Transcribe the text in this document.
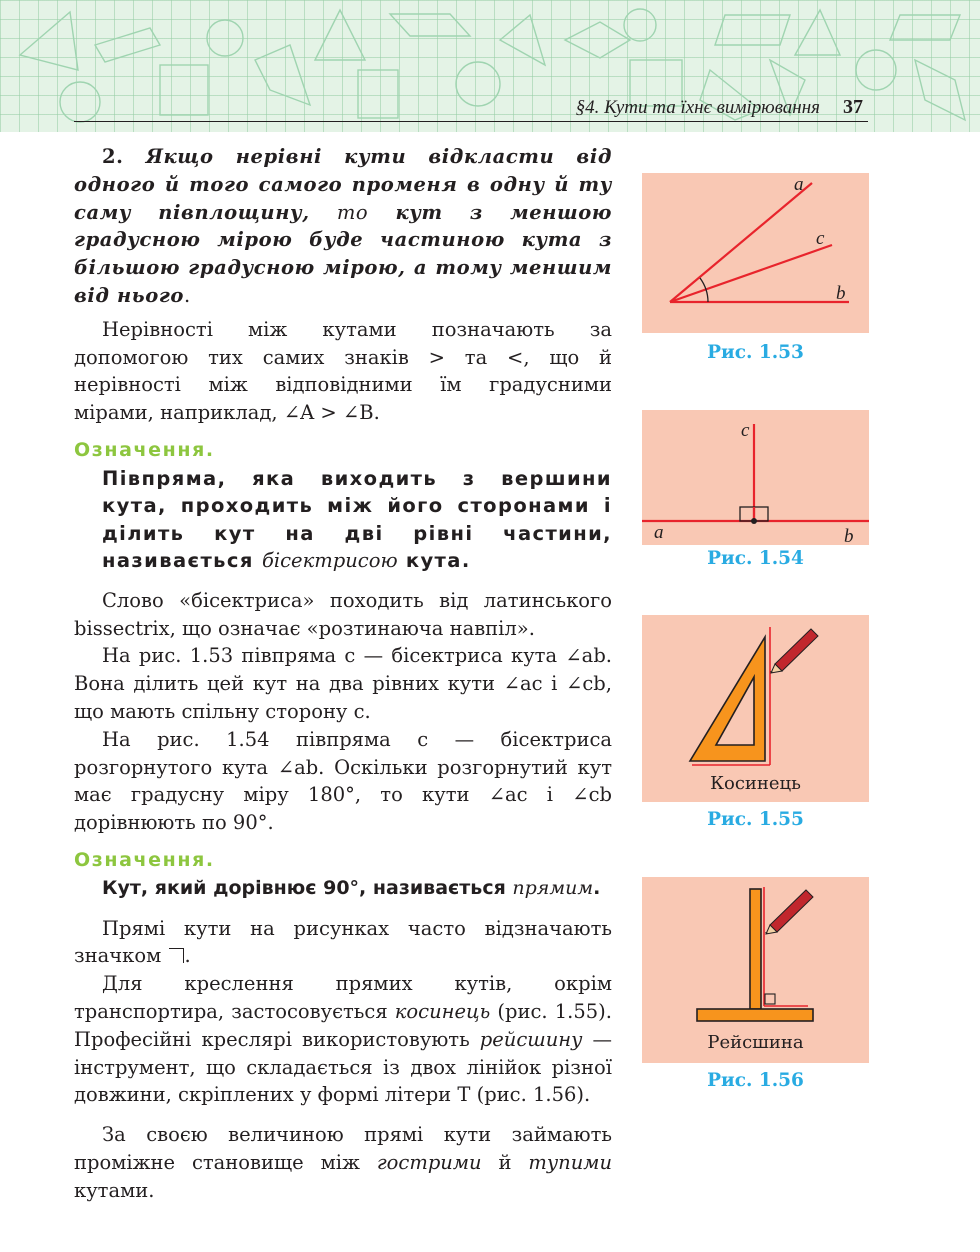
§4. Кути та їхнє вимірювання 37

2. Якщо нерівні кути відкласти від одного й того самого променя в одну й ту саму півплощину, то кут з меншою градусною мірою буде частиною кута з більшою градусною мірою, а тому меншим від нього.

Нерівності між кутами позначають за допомогою тих самих знаків > та <, що й нерівності між відповідними їм градусними мірами, наприклад, ∠A > ∠B.

Означення.

Півпряма, яка виходить з вершини кута, проходить між його сторонами і ділить кут на дві рівні частини, називається бісектрисою кута.

Слово «бісектриса» походить від латинського bissectrix, що означає «розтинаюча навпіл».

На рис. 1.53 півпряма c — бісектриса кута ∠ab. Вона ділить цей кут на два рівних кути ∠ac і ∠cb, що мають спільну сторону c.

На рис. 1.54 півпряма c — бісектриса розгорнутого кута ∠ab. Оскільки розгорнутий кут має градусну міру 180°, то кути ∠ac і ∠cb дорівнюють по 90°.

Означення.

Кут, який дорівнює 90°, називається прямим.

Прямі кути на рисунках часто відзначають значком .

Для креслення прямих кутів, окрім транспортира, застосовується косинець (рис. 1.55). Професійні креслярі використовують рейсшину — інструмент, що складається із двох лінійок різної довжини, скріплених у формі літери Т (рис. 1.56).

За своєю величиною прямі кути займають проміжне становище між гострими й тупими кутами.

a
c
b
Рис. 1.53
c
a	b
Рис. 1.54
Косинець
Рис. 1.55
Рейсшина
Рис. 1.56
